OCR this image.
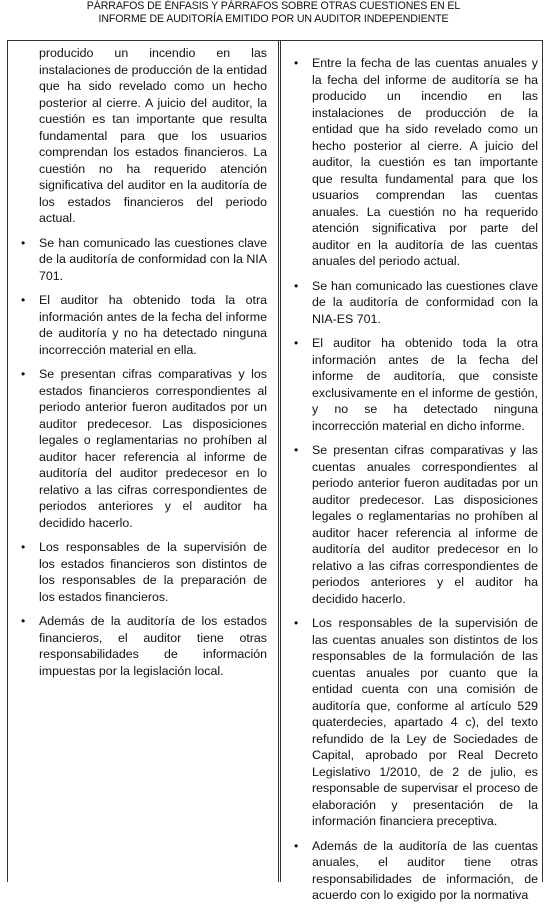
PÁRRAFOS DE ÉNFASIS Y PÁRRAFOS SOBRE OTRAS CUESTIONES EN EL
INFORME DE AUDITORÍA EMITIDO POR UN AUDITOR INDEPENDIENTE
producido un incendio en las instalaciones de producción de la entidad que ha sido revelado como un hecho posterior al cierre. A juicio del auditor, la cuestión es tan importante que resulta fundamental para que los usuarios comprendan los estados financieros. La cuestión no ha requerido atención significativa del auditor en la auditoría de los estados financieros del periodo actual.
• Se han comunicado las cuestiones clave de la auditoría de conformidad con la NIA 701.
• El auditor ha obtenido toda la otra información antes de la fecha del informe de auditoría y no ha detectado ninguna incorrección material en ella.
• Se presentan cifras comparativas y los estados financieros correspondientes al periodo anterior fueron auditados por un auditor predecesor. Las disposiciones legales o reglamentarias no prohíben al auditor hacer referencia al informe de auditoría del auditor predecesor en lo relativo a las cifras correspondientes de periodos anteriores y el auditor ha decidido hacerlo.
• Los responsables de la supervisión de los estados financieros son distintos de los responsables de la preparación de los estados financieros.
• Además de la auditoría de los estados financieros, el auditor tiene otras responsabilidades de información impuestas por la legislación local.
• Entre la fecha de las cuentas anuales y la fecha del informe de auditoría se ha producido un incendio en las instalaciones de producción de la entidad que ha sido revelado como un hecho posterior al cierre. A juicio del auditor, la cuestión es tan importante que resulta fundamental para que los usuarios comprendan las cuentas anuales. La cuestión no ha requerido atención significativa por parte del auditor en la auditoría de las cuentas anuales del periodo actual.
• Se han comunicado las cuestiones clave de la auditoría de conformidad con la NIA-ES 701.
• El auditor ha obtenido toda la otra información antes de la fecha del informe de auditoría, que consiste exclusivamente en el informe de gestión, y no se ha detectado ninguna incorrección material en dicho informe.
• Se presentan cifras comparativas y las cuentas anuales correspondientes al periodo anterior fueron auditadas por un auditor predecesor. Las disposiciones legales o reglamentarias no prohíben al auditor hacer referencia al informe de auditoría del auditor predecesor en lo relativo a las cifras correspondientes de periodos anteriores y el auditor ha decidido hacerlo.
• Los responsables de la supervisión de las cuentas anuales son distintos de los responsables de la formulación de las cuentas anuales por cuanto que la entidad cuenta con una comisión de auditoría que, conforme al artículo 529 quaterdecies, apartado 4 c), del texto refundido de la Ley de Sociedades de Capital, aprobado por Real Decreto Legislativo 1/2010, de 2 de julio, es responsable de supervisar el proceso de elaboración y presentación de la información financiera preceptiva.
• Además de la auditoría de las cuentas anuales, el auditor tiene otras responsabilidades de información, de acuerdo con lo exigido por la normativa
